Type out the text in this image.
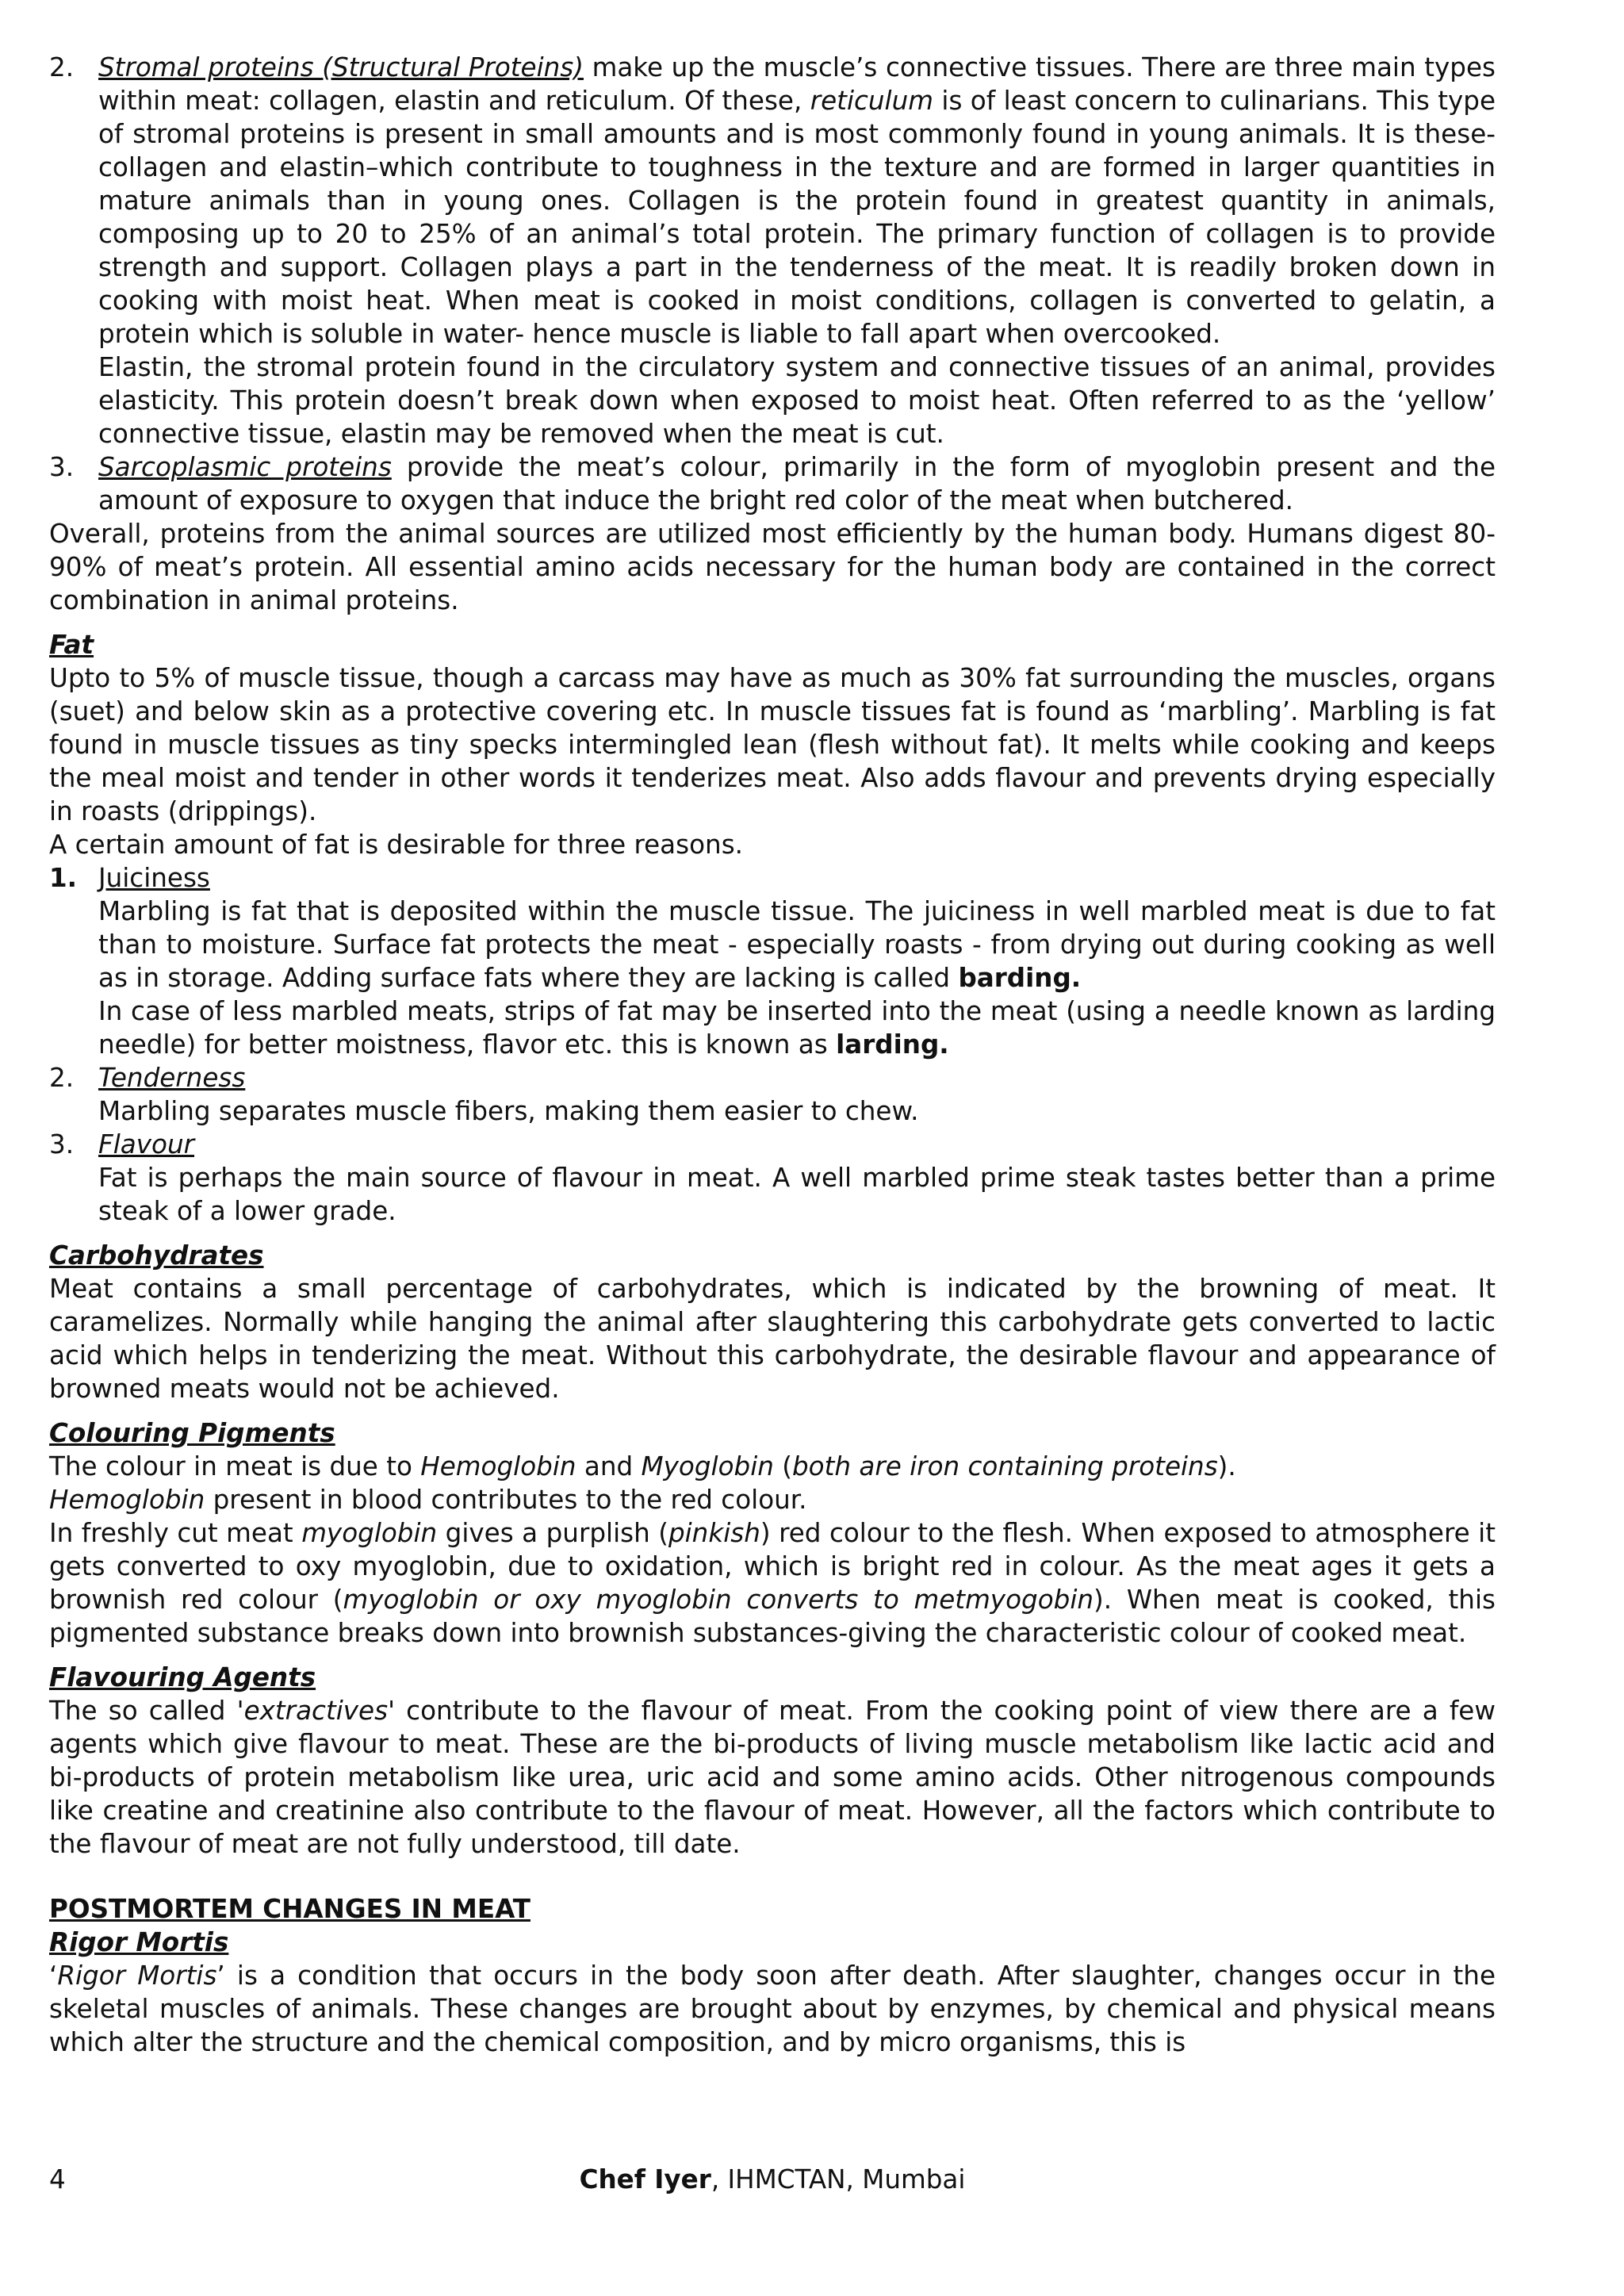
2. Stromal proteins (Structural Proteins) make up the muscle’s connective tissues. There are three main types within meat: collagen, elastin and reticulum. Of these, reticulum is of least concern to culinarians. This type of stromal proteins is present in small amounts and is most commonly found in young animals. It is these-collagen and elastin–which contribute to toughness in the texture and are formed in larger quantities in mature animals than in young ones. Collagen is the protein found in greatest quantity in animals, composing up to 20 to 25% of an animal’s total protein. The primary function of collagen is to provide strength and support. Collagen plays a part in the tenderness of the meat. It is readily broken down in cooking with moist heat. When meat is cooked in moist conditions, collagen is converted to gelatin, a protein which is soluble in water- hence muscle is liable to fall apart when overcooked.

Elastin, the stromal protein found in the circulatory system and connective tissues of an animal, provides elasticity. This protein doesn’t break down when exposed to moist heat. Often referred to as the ‘yellow’ connective tissue, elastin may be removed when the meat is cut.

3. Sarcoplasmic proteins provide the meat’s colour, primarily in the form of myoglobin present and the amount of exposure to oxygen that induce the bright red color of the meat when butchered.

Overall, proteins from the animal sources are utilized most efficiently by the human body. Humans digest 80-90% of meat’s protein. All essential amino acids necessary for the human body are contained in the correct combination in animal proteins.

Fat

Upto to 5% of muscle tissue, though a carcass may have as much as 30% fat surrounding the muscles, organs (suet) and below skin as a protective covering etc. In muscle tissues fat is found as ‘marbling’. Marbling is fat found in muscle tissues as tiny specks intermingled lean (flesh without fat). It melts while cooking and keeps the meal moist and tender in other words it tenderizes meat. Also adds flavour and prevents drying especially in roasts (drippings).

A certain amount of fat is desirable for three reasons.

1. Juiciness

Marbling is fat that is deposited within the muscle tissue. The juiciness in well marbled meat is due to fat than to moisture. Surface fat protects the meat - especially roasts - from drying out during cooking as well as in storage. Adding surface fats where they are lacking is called barding.

In case of less marbled meats, strips of fat may be inserted into the meat (using a needle known as larding needle) for better moistness, flavor etc. this is known as larding.

2. Tenderness

Marbling separates muscle fibers, making them easier to chew.

3. Flavour

Fat is perhaps the main source of flavour in meat. A well marbled prime steak tastes better than a prime steak of a lower grade.

Carbohydrates

Meat contains a small percentage of carbohydrates, which is indicated by the browning of meat. It caramelizes. Normally while hanging the animal after slaughtering this carbohydrate gets converted to lactic acid which helps in tenderizing the meat. Without this carbohydrate, the desirable flavour and appearance of browned meats would not be achieved.

Colouring Pigments

The colour in meat is due to Hemoglobin and Myoglobin (both are iron containing proteins).

Hemoglobin present in blood contributes to the red colour.

In freshly cut meat myoglobin gives a purplish (pinkish) red colour to the flesh. When exposed to atmosphere it gets converted to oxy myoglobin, due to oxidation, which is bright red in colour. As the meat ages it gets a brownish red colour (myoglobin or oxy myoglobin converts to metmyogobin). When meat is cooked, this pigmented substance breaks down into brownish substances-giving the characteristic colour of cooked meat.

Flavouring Agents

The so called 'extractives' contribute to the flavour of meat. From the cooking point of view there are a few agents which give flavour to meat. These are the bi-products of living muscle metabolism like lactic acid and bi-products of protein metabolism like urea, uric acid and some amino acids. Other nitrogenous compounds like creatine and creatinine also contribute to the flavour of meat. However, all the factors which contribute to the flavour of meat are not fully understood, till date.

POSTMORTEM CHANGES IN MEAT

Rigor Mortis

‘Rigor Mortis’ is a condition that occurs in the body soon after death. After slaughter, changes occur in the skeletal muscles of animals. These changes are brought about by enzymes, by chemical and physical means which alter the structure and the chemical composition, and by micro organisms, this is

4	Chef Iyer, IHMCTAN, Mumbai
